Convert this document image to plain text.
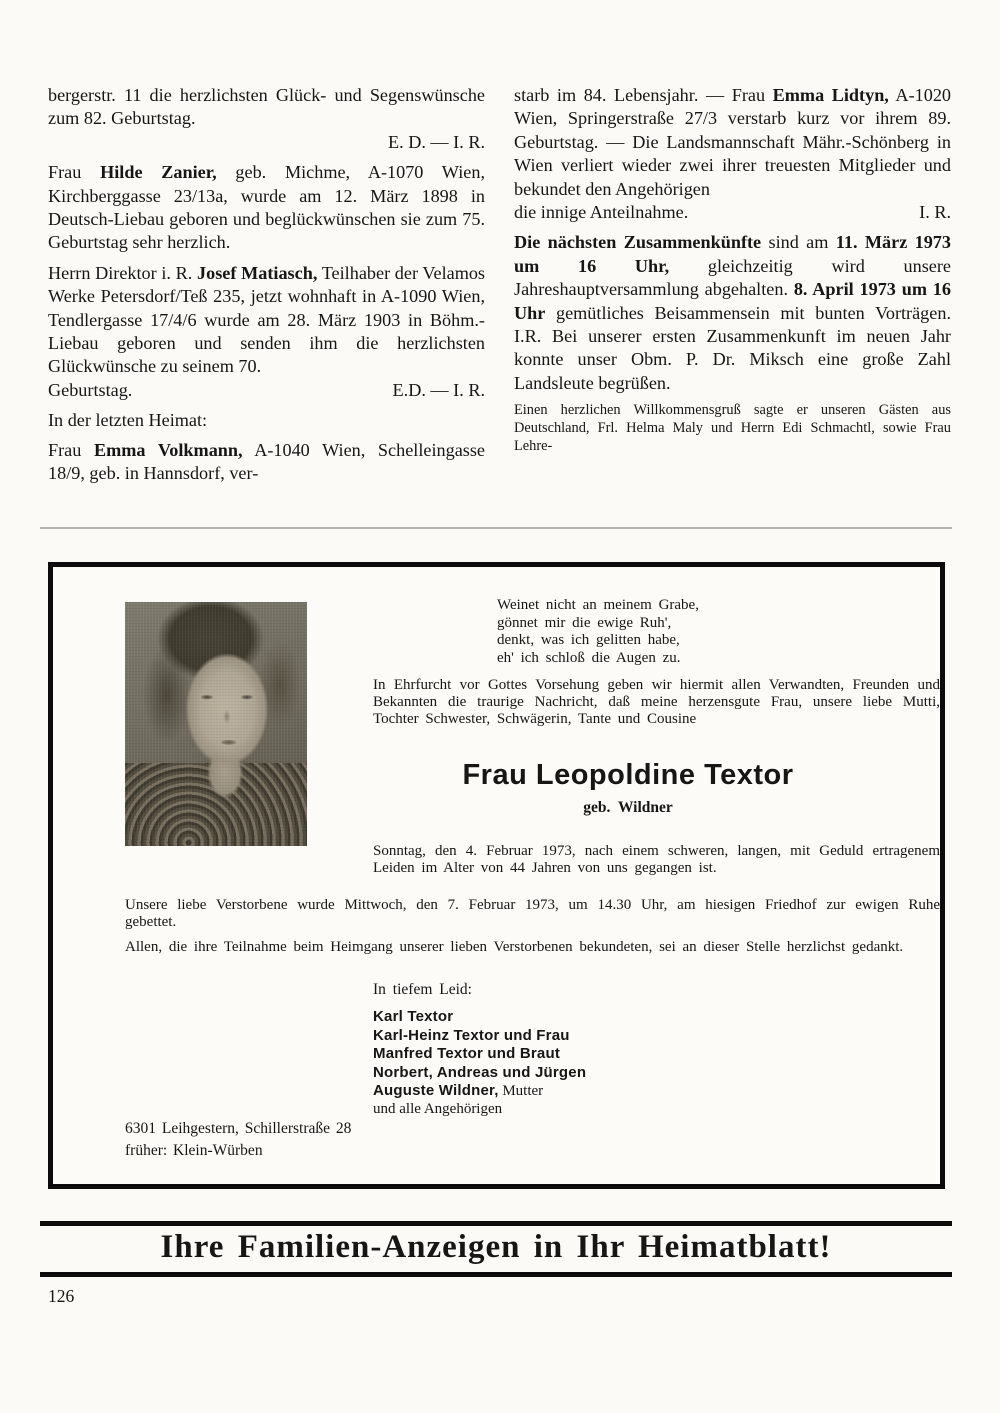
bergerstr. 11 die herzlichsten Glück- und Segenswünsche zum 82. Geburtstag.

E. D. — I. R.

Frau Hilde Zanier, geb. Michme, A-1070 Wien, Kirchberggasse 23/13a, wurde am 12. März 1898 in Deutsch-Liebau geboren und beglückwünschen sie zum 75. Geburtstag sehr herzlich.

Herrn Direktor i. R. Josef Matiasch, Teilhaber der Velamos Werke Petersdorf/Teß 235, jetzt wohnhaft in A-1090 Wien, Tendlergasse 17/4/6 wurde am 28. März 1903 in Böhm.-Liebau geboren und senden ihm die herzlichsten Glückwünsche zu seinem 70.

Geburtstag.	E.D. — I. R.

In der letzten Heimat:

Frau Emma Volkmann, A-1040 Wien, Schelleingasse 18/9, geb. in Hannsdorf, ver-

starb im 84. Lebensjahr. — Frau Emma Lidtyn, A-1020 Wien, Springerstraße 27/3 verstarb kurz vor ihrem 89. Geburtstag. — Die Landsmannschaft Mähr.-Schönberg in Wien verliert wieder zwei ihrer treuesten Mitglieder und bekundet den Angehörigen

die innige Anteilnahme.	I. R.

Die nächsten Zusammenkünfte sind am 11. März 1973 um 16 Uhr, gleichzeitig wird unsere Jahreshauptversammlung abgehalten. 8. April 1973 um 16 Uhr gemütliches Beisammensein mit bunten Vorträgen. I.R. Bei unserer ersten Zusammenkunft im neuen Jahr konnte unser Obm. P. Dr. Miksch eine große Zahl Landsleute begrüßen.

Einen herzlichen Willkommensgruß sagte er unseren Gästen aus Deutschland, Frl. Helma Maly und Herrn Edi Schmachtl, sowie Frau Lehre-

Weinet nicht an meinem Grabe,
gönnet mir die ewige Ruh',
denkt, was ich gelitten habe,
eh' ich schloß die Augen zu.

In Ehrfurcht vor Gottes Vorsehung geben wir hiermit allen Verwandten, Freunden und Bekannten die traurige Nachricht, daß meine herzensgute Frau, unsere liebe Mutti, Tochter Schwester, Schwägerin, Tante und Cousine

Frau Leopoldine Textor
geb. Wildner

Sonntag, den 4. Februar 1973, nach einem schweren, langen, mit Geduld ertragenem Leiden im Alter von 44 Jahren von uns gegangen ist.

Unsere liebe Verstorbene wurde Mittwoch, den 7. Februar 1973, um 14.30 Uhr, am hiesigen Friedhof zur ewigen Ruhe gebettet.

Allen, die ihre Teilnahme beim Heimgang unserer lieben Verstorbenen bekundeten, sei an dieser Stelle herzlichst gedankt.

In tiefem Leid:
Karl Textor
Karl-Heinz Textor und Frau
Manfred Textor und Braut
Norbert, Andreas und Jürgen
Auguste Wildner, Mutter
und alle Angehörigen
6301 Leihgestern, Schillerstraße 28
früher: Klein-Würben
Ihre Familien-Anzeigen in Ihr Heimatblatt!
126
